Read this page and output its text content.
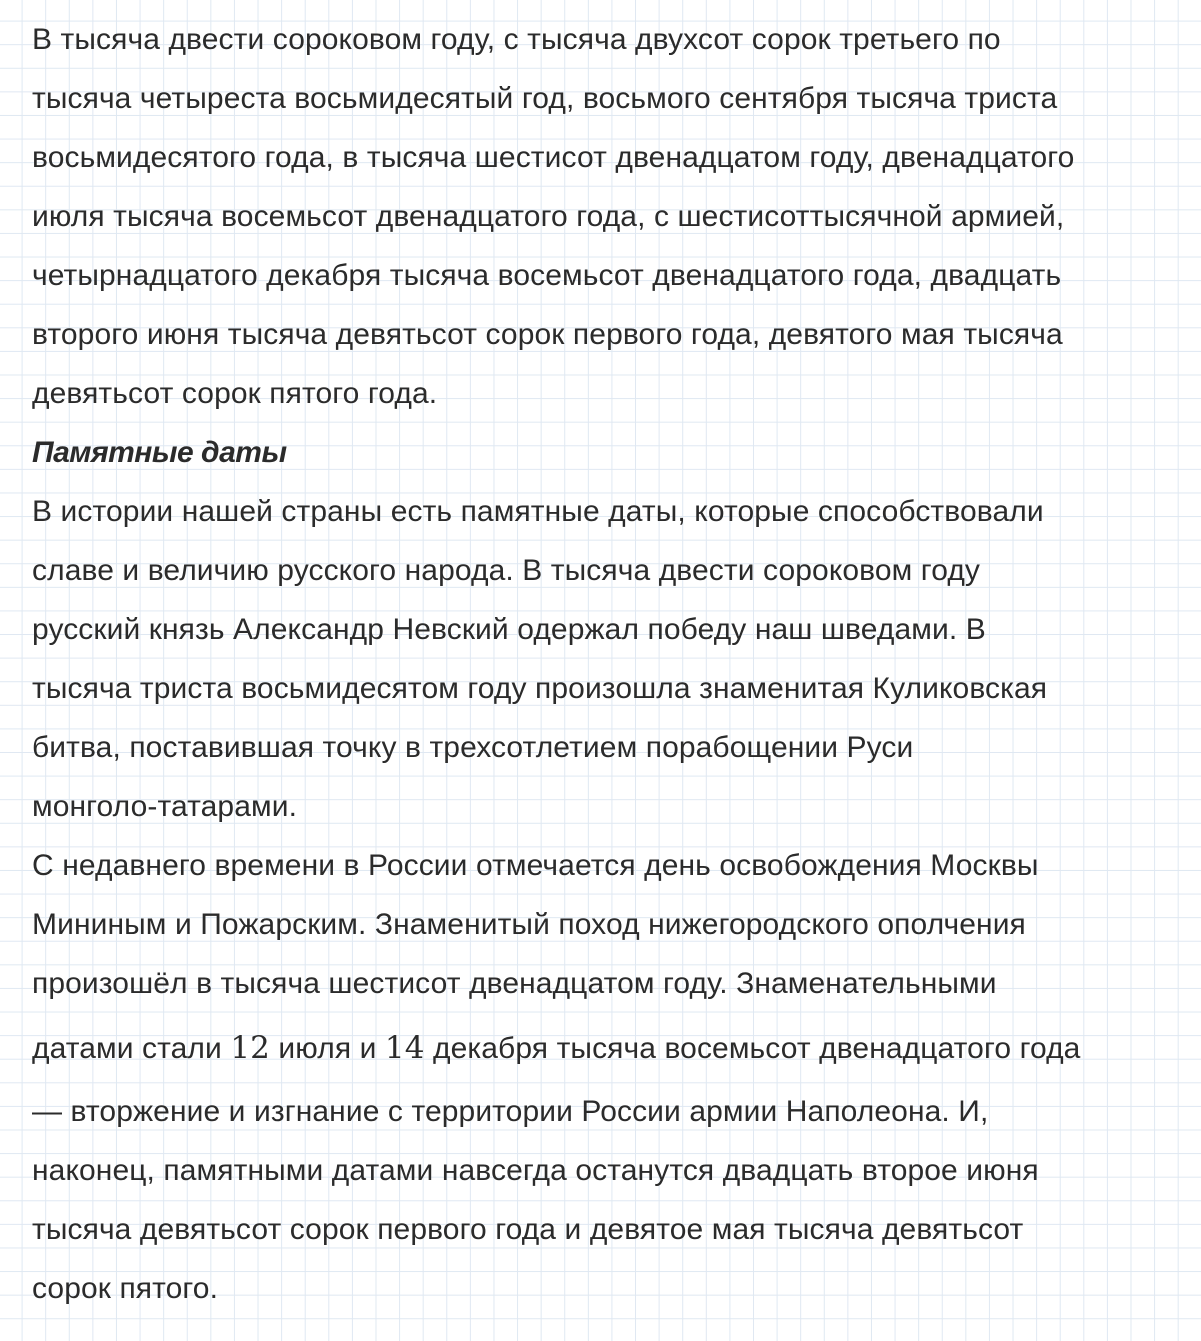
В тысяча двести сороковом году, с тысяча двухсот сорок третьего по
тысяча четыреста восьмидесятый год, восьмого сентября тысяча триста
восьмидесятого года, в тысяча шестисот двенадцатом году, двенадцатого
июля тысяча восемьсот двенадцатого года, с шестисоттысячной армией,
четырнадцатого декабря тысяча восемьсот двенадцатого года, двадцать
второго июня тысяча девятьсот сорок первого года, девятого мая тысяча
девятьсот сорок пятого года.
Памятные даты
В истории нашей страны есть памятные даты, которые способствовали
славе и величию русского народа. В тысяча двести сороковом году
русский князь Александр Невский одержал победу наш шведами. В
тысяча триста восьмидесятом году произошла знаменитая Куликовская
битва, поставившая точку в трехсотлетием порабощении Руси
монголо-татарами.
С недавнего времени в России отмечается день освобождения Москвы
Мининым и Пожарским. Знаменитый поход нижегородского ополчения
произошёл в тысяча шестисот двенадцатом году. Знаменательными
датами стали 12 июля и 14 декабря тысяча восемьсот двенадцатого года
— вторжение и изгнание с территории России армии Наполеона. И,
наконец, памятными датами навсегда останутся двадцать второе июня
тысяча девятьсот сорок первого года и девятое мая тысяча девятьсот
сорок пятого.
